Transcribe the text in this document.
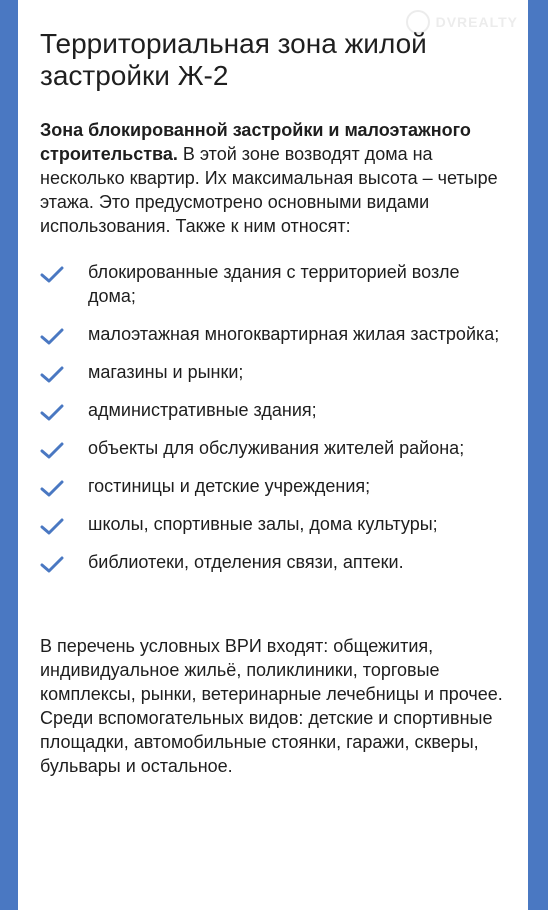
DVREALTY
Территориальная зона жилой застройки Ж-2

Зона блокированной застройки и малоэтажного строительства. В этой зоне возводят дома на несколько квартир. Их максимальная высота – четыре этажа. Это предусмотрено основными видами использования. Также к ним относят:

блокированные здания с территорией возле дома;
малоэтажная многоквартирная жилая застройка;
магазины и рынки;
административные здания;
объекты для обслуживания жителей района;
гостиницы и детские учреждения;
школы, спортивные залы, дома культуры;
библиотеки, отделения связи, аптеки.

В перечень условных ВРИ входят: общежития, индивидуальное жильё, поликлиники, торговые комплексы, рынки, ветеринарные лечебницы и прочее. Среди вспомогательных видов: детские и спортивные площадки, автомобильные стоянки, гаражи, скверы, бульвары и остальное.
